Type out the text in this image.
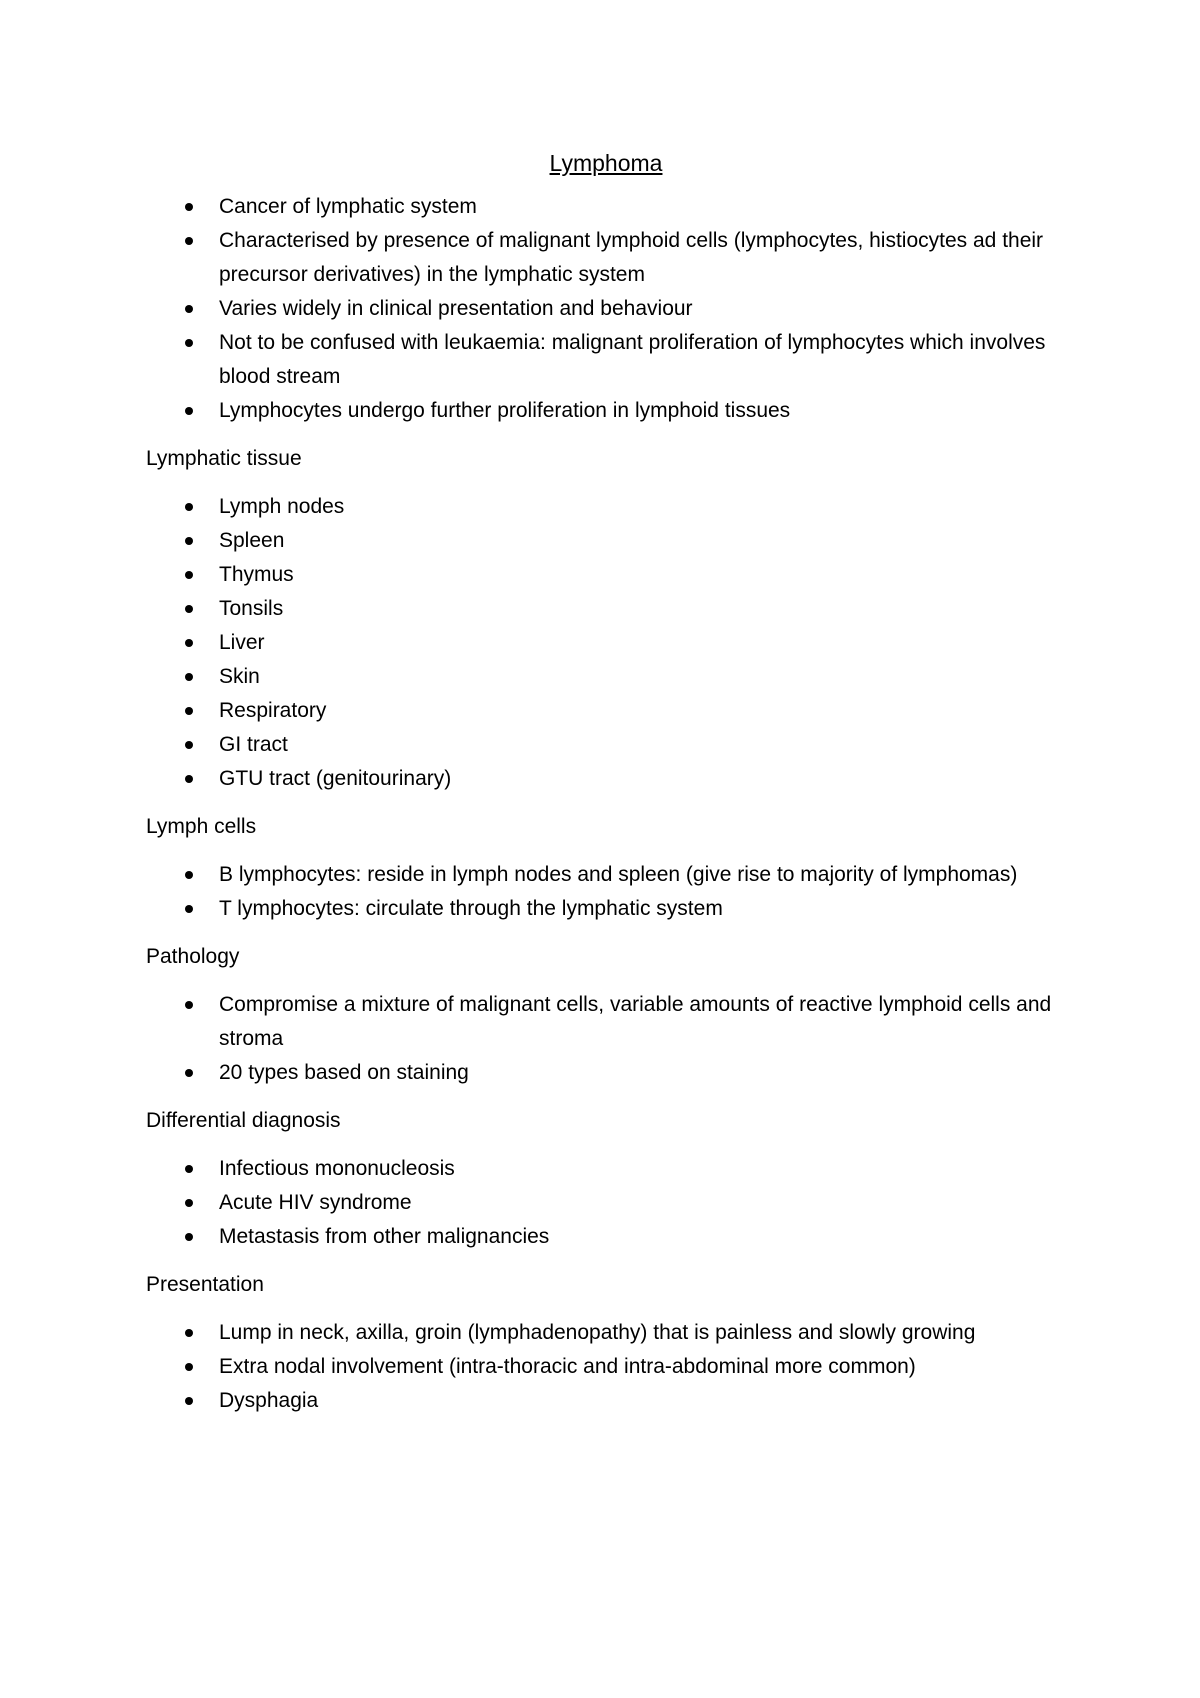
Lymphoma
Cancer of lymphatic system
Characterised by presence of malignant lymphoid cells (lymphocytes, histiocytes ad their precursor derivatives) in the lymphatic system
Varies widely in clinical presentation and behaviour
Not to be confused with leukaemia: malignant proliferation of lymphocytes which involves blood stream
Lymphocytes undergo further proliferation in lymphoid tissues
Lymphatic tissue
Lymph nodes
Spleen
Thymus
Tonsils
Liver
Skin
Respiratory
GI tract
GTU tract (genitourinary)
Lymph cells
B lymphocytes: reside in lymph nodes and spleen (give rise to majority of lymphomas)
T lymphocytes: circulate through the lymphatic system
Pathology
Compromise a mixture of malignant cells, variable amounts of reactive lymphoid cells and stroma
20 types based on staining
Differential diagnosis
Infectious mononucleosis
Acute HIV syndrome
Metastasis from other malignancies
Presentation
Lump in neck, axilla, groin (lymphadenopathy) that is painless and slowly growing
Extra nodal involvement (intra-thoracic and intra-abdominal more common)
Dysphagia
